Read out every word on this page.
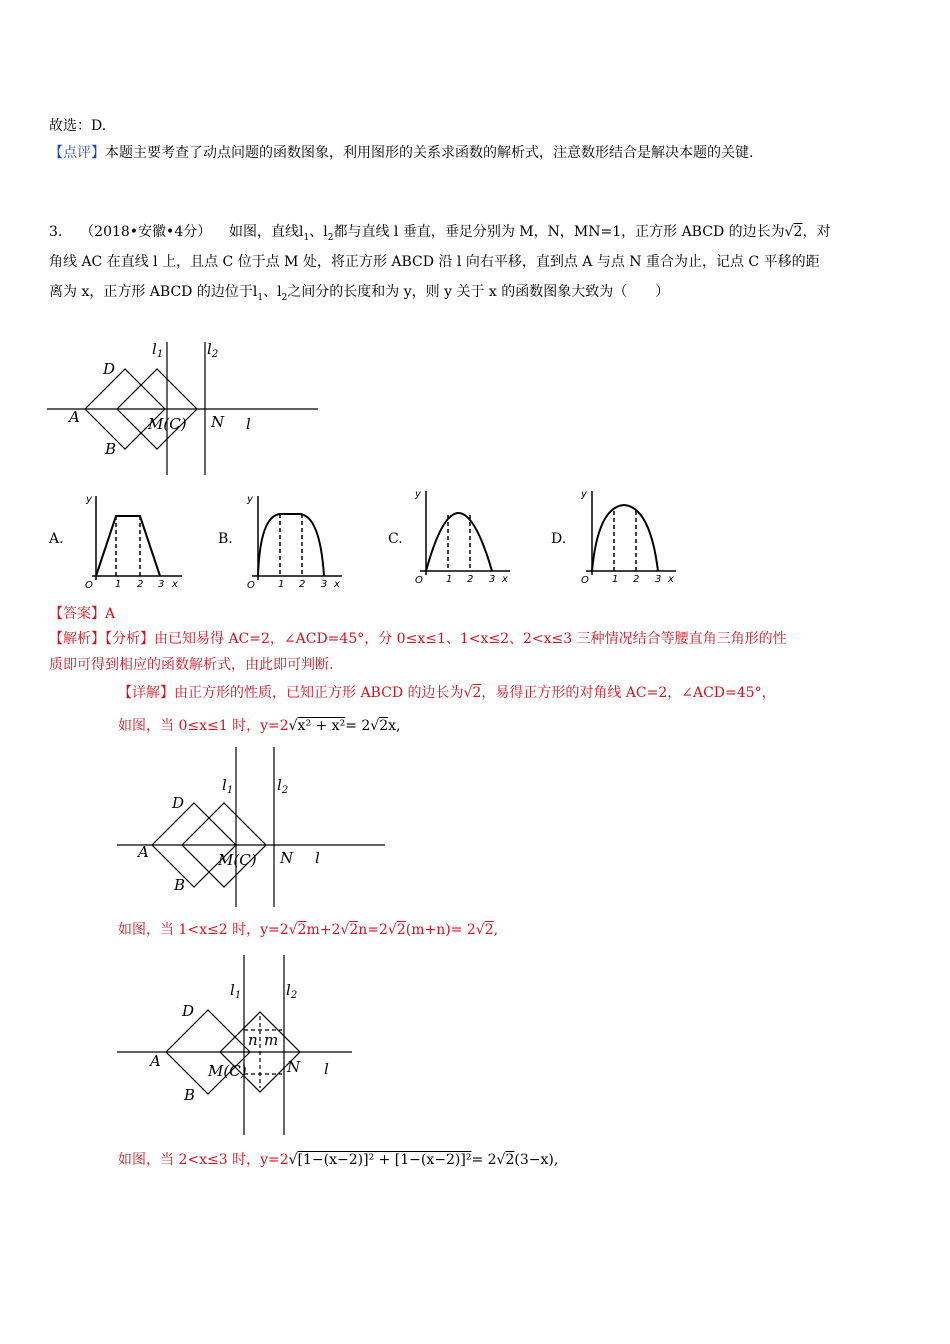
故选：D.
【点评】本题主要考查了动点问题的函数图象，利用图形的关系求函数的解析式，注意数形结合是解决本题的关键.
3. （2018•安徽•4分） 如图，直线$l_1$、$l_2$都与直线 l 垂直，垂足分别为 M，N，MN=1，正方形 ABCD 的边长为√2，对
角线 AC 在直线 l 上，且点 C 位于点 M 处，将正方形 ABCD 沿 l 向右平移，直到点 A 与点 N 重合为止，记点 C 平移的距
离为 x，正方形 ABCD 的边位于$l_1$、$l_2$之间分的长度和为 y，则 y 关于 x 的函数图象大致为（　　）
D
A
B
M(C) N l
$l_1$	$l_2$
A.
O 1 2 3 x
y
B.
O 1 2 3 x
y
C.
O 1 2 3 x
y
D.
O 1 2 3 x
y
【答案】A
【解析】【分析】由已知易得 AC=2，∠ACD=45°，分 0≤x≤1、1<x≤2、2<x≤3 三种情况结合等腰直角三角形的性
质即可得到相应的函数解析式，由此即可判断.
【详解】由正方形的性质，已知正方形 ABCD 的边长为√2，易得正方形的对角线 AC=2，∠ACD=45°，
如图，当 0≤x≤1 时，y=2√x² + x²= 2√2x,
D
A
B
M(C) N l
$l_1$	$l_2$
如图，当 1<x≤2 时，y=2√2m+2√2n=2√2(m+n)= 2√2,
D
A
B
M(C)	N l
n m
$l_1$	$l_2$
如图，当 2<x≤3 时，y=2√[1−(x−2)]² + [1−(x−2)]²= 2√2(3−x),
